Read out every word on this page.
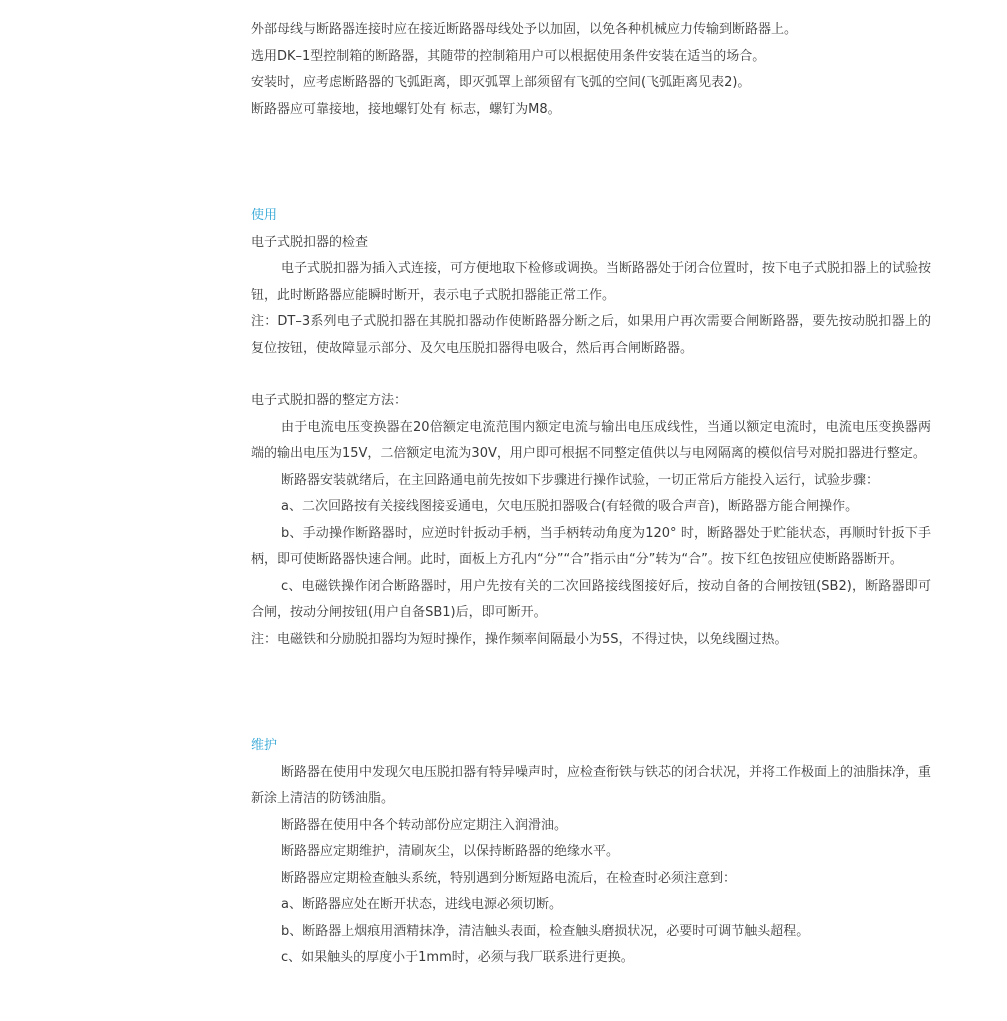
外部母线与断路器连接时应在接近断路器母线处予以加固，以免各种机械应力传输到断路器上。

选用DK–1型控制箱的断路器，其随带的控制箱用户可以根据使用条件安装在适当的场合。

安装时，应考虑断路器的飞弧距离，即灭弧罩上部须留有飞弧的空间(飞弧距离见表2)。

断路器应可靠接地，接地螺钉处有 标志，螺钉为M8。

使用

电子式脱扣器的检查

电子式脱扣器为插入式连接，可方便地取下检修或调换。当断路器处于闭合位置时，按下电子式脱扣器上的试验按钮，此时断路器应能瞬时断开，表示电子式脱扣器能正常工作。

注：DT–3系列电子式脱扣器在其脱扣器动作使断路器分断之后，如果用户再次需要合闸断路器，要先按动脱扣器上的复位按钮，使故障显示部分、及欠电压脱扣器得电吸合，然后再合闸断路器。

电子式脱扣器的整定方法：

由于电流电压变换器在20倍额定电流范围内额定电流与输出电压成线性，当通以额定电流时，电流电压变换器两端的输出电压为15V，二倍额定电流为30V，用户即可根据不同整定值供以与电网隔离的模似信号对脱扣器进行整定。

断路器安装就绪后，在主回路通电前先按如下步骤进行操作试验，一切正常后方能投入运行，试验步骤：

a、二次回路按有关接线图接妥通电，欠电压脱扣器吸合(有轻微的吸合声音)，断路器方能合闸操作。

b、手动操作断路器时，应逆时针扳动手柄，当手柄转动角度为120° 时，断路器处于贮能状态，再顺时针扳下手柄，即可使断路器快速合闸。此时，面板上方孔内“分”“合”指示由“分”转为“合”。按下红色按钮应使断路器断开。

c、电磁铁操作闭合断路器时，用户先按有关的二次回路接线图接好后，按动自备的合闸按钮(SB2)，断路器即可合闸，按动分闸按钮(用户自备SB1)后，即可断开。

注：电磁铁和分励脱扣器均为短时操作，操作频率间隔最小为5S，不得过快，以免线圈过热。

维护

断路器在使用中发现欠电压脱扣器有特异噪声时，应检查衔铁与铁芯的闭合状况，并将工作极面上的油脂抹净，重新涂上清洁的防锈油脂。

断路器在使用中各个转动部份应定期注入润滑油。

断路器应定期维护，清刷灰尘，以保持断路器的绝缘水平。

断路器应定期检查触头系统，特别遇到分断短路电流后，在检查时必须注意到：

a、断路器应处在断开状态，进线电源必须切断。

b、断路器上烟痕用酒精抹净，清洁触头表面，检查触头磨损状况，必要时可调节触头超程。

c、如果触头的厚度小于1mm时，必须与我厂联系进行更换。
